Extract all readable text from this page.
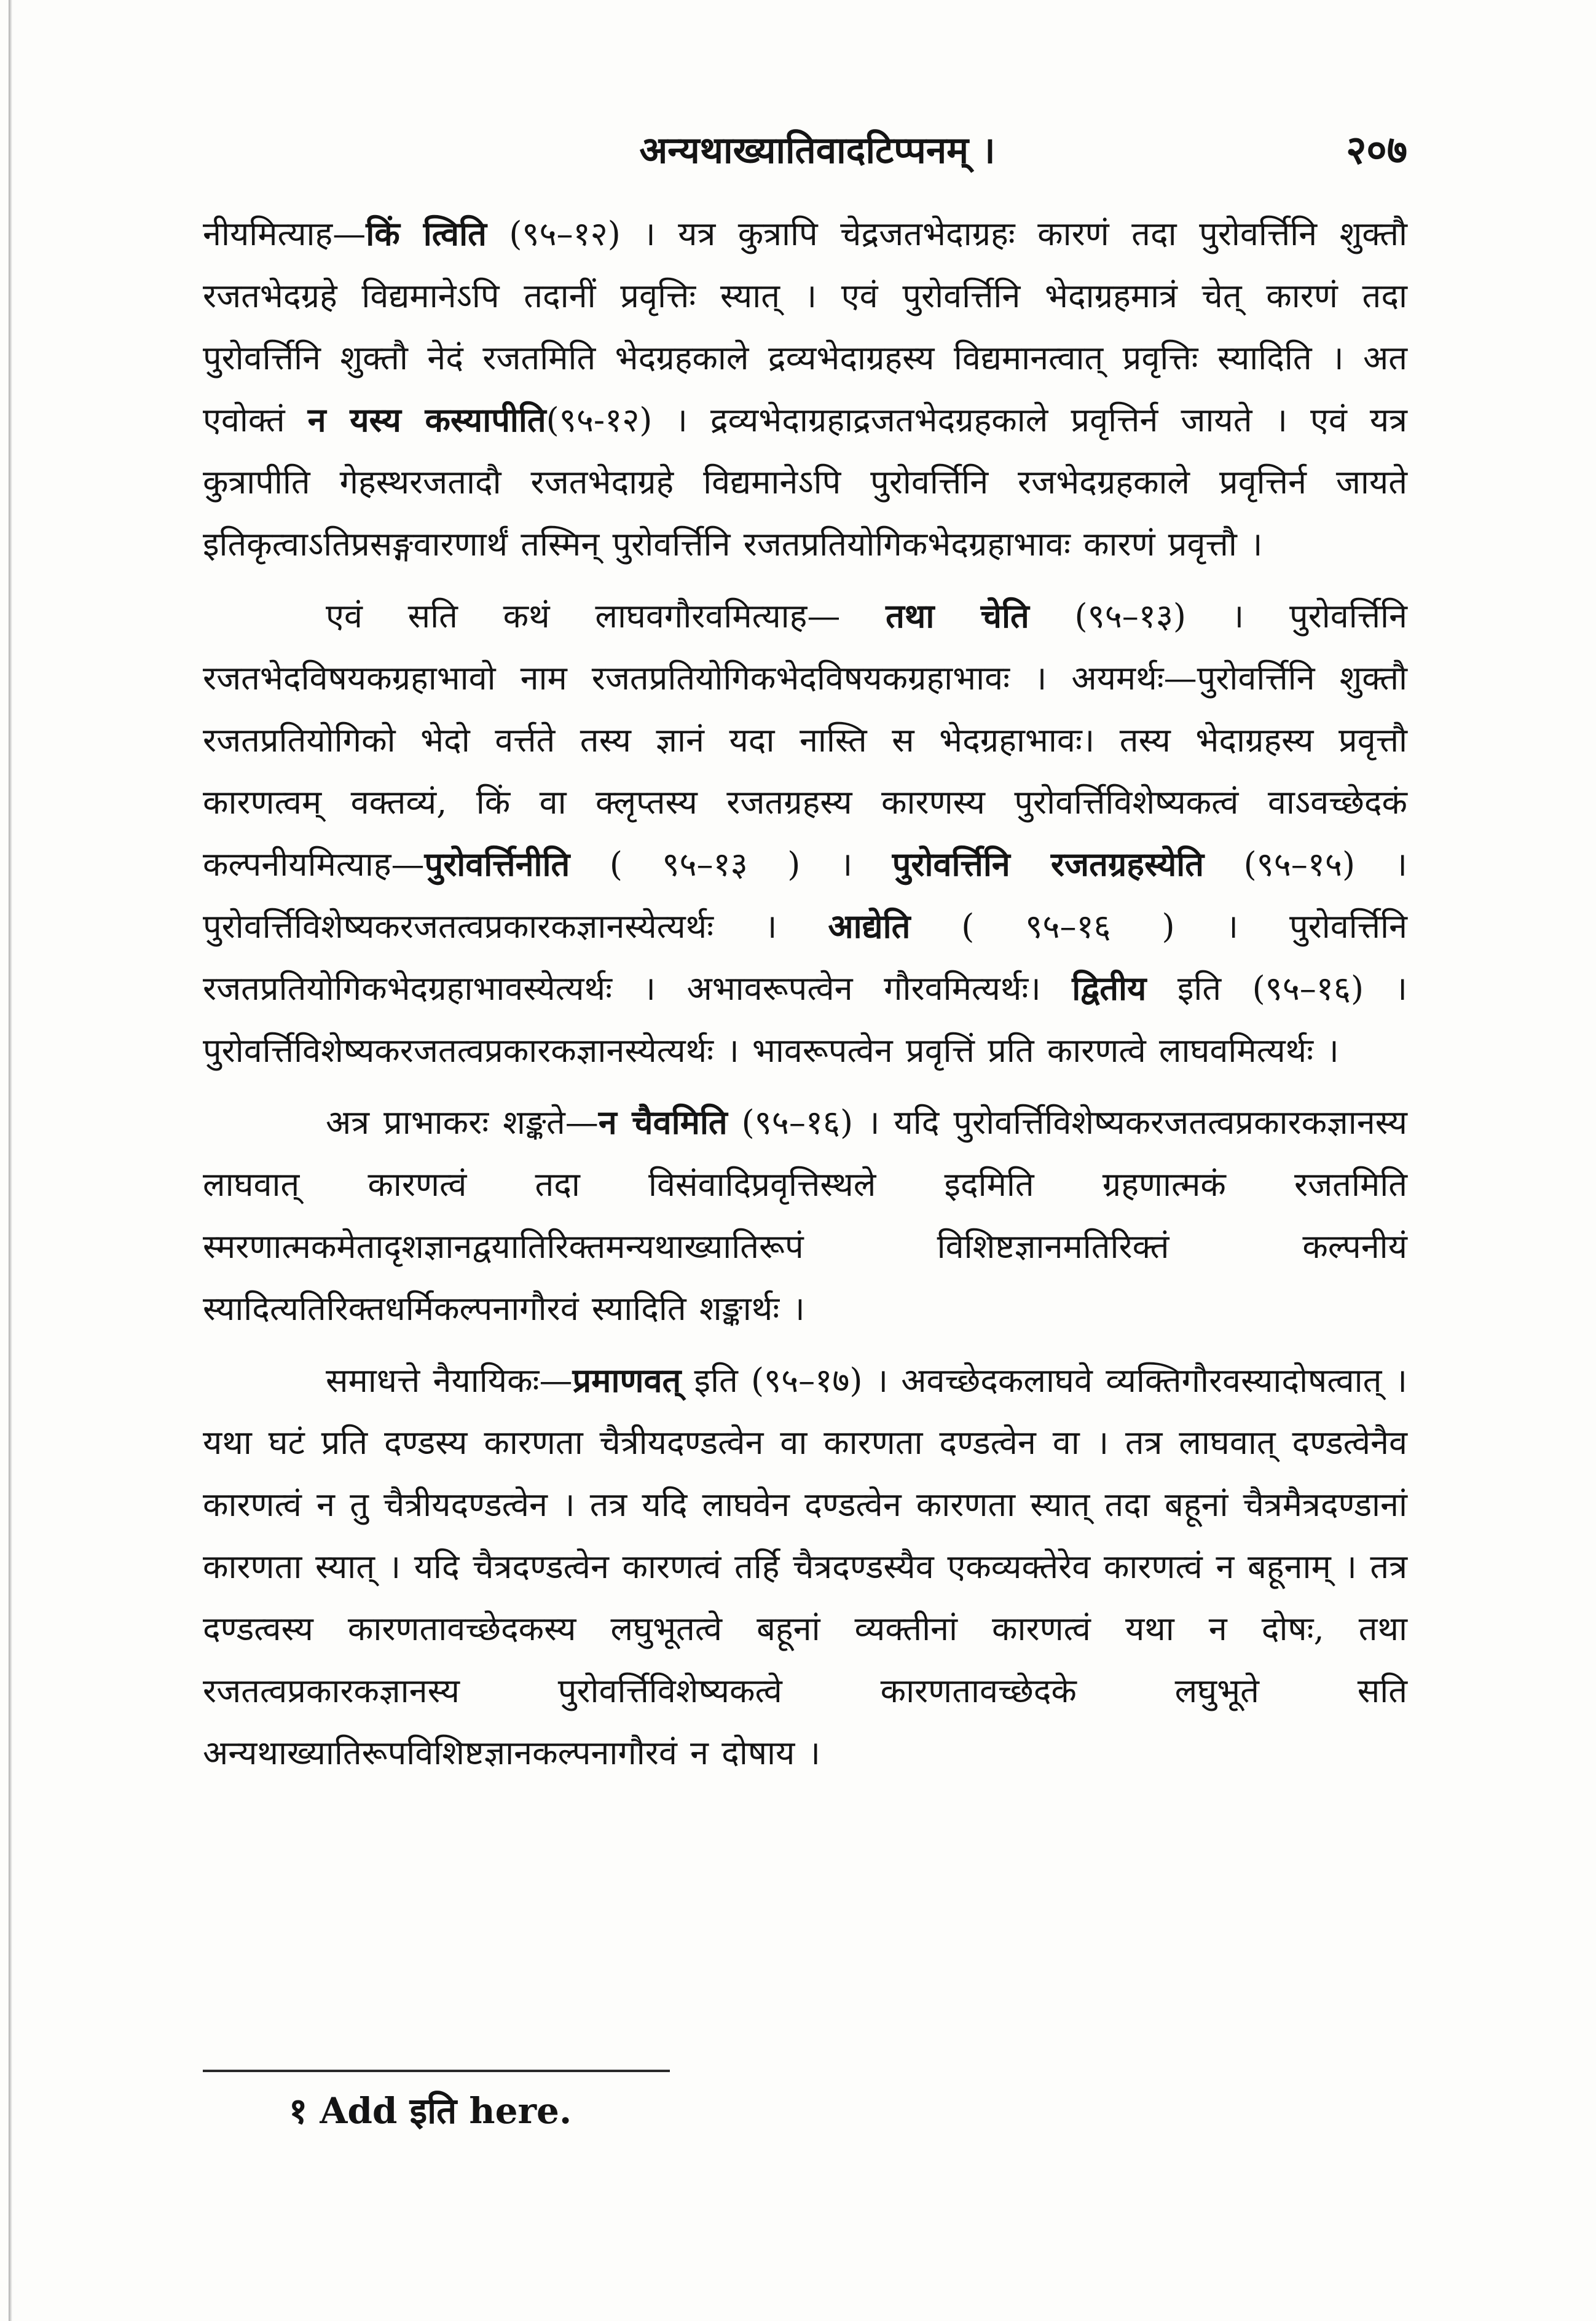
अन्यथाख्यातिवादटिप्पनम् ।	२०७

नीयमित्याह—किं त्विति (९५–१२) । यत्र कुत्रापि चेद्रजतभेदाग्रहः कारणं तदा पुरोवर्त्तिनि शुक्तौ रजतभेदग्रहे विद्यमानेऽपि तदानीं प्रवृत्तिः स्यात् । एवं पुरोवर्त्तिनि भेदाग्रहमात्रं चेत् कारणं तदा पुरोवर्त्तिनि शुक्तौ नेदं रजतमिति भेदग्रहकाले द्रव्यभेदाग्रहस्य विद्यमानत्वात् प्रवृत्तिः स्यादिति । अत एवोक्तं न यस्य कस्यापीति(९५-१२) । द्रव्यभेदाग्रहाद्रजतभेदग्रहकाले प्रवृत्तिर्न जायते । एवं यत्र कुत्रापीति गेहस्थरजतादौ रजतभेदाग्रहे विद्यमानेऽपि पुरोवर्त्तिनि रजभेदग्रहकाले प्रवृत्तिर्न जायते इतिकृत्वाऽतिप्रसङ्गवारणार्थं तस्मिन् पुरोवर्त्तिनि रजतप्रतियोगिकभेदग्रहाभावः कारणं प्रवृत्तौ ।

एवं सति कथं लाघवगौरवमित्याह— तथा चेति (९५–१३) । पुरोवर्त्तिनि रजतभेदविषयकग्रहाभावो नाम रजतप्रतियोगिकभेदविषयकग्रहाभावः । अयमर्थः—पुरोवर्त्तिनि शुक्तौ रजतप्रतियोगिको भेदो वर्त्तते तस्य ज्ञानं यदा नास्ति स भेदग्रहाभावः। तस्य भेदाग्रहस्य प्रवृत्तौ कारणत्वम् वक्तव्यं, किं वा क्लृप्तस्य रजतग्रहस्य कारणस्य पुरोवर्त्तिविशेष्यकत्वं वाऽवच्छेदकं कल्पनीयमित्याह—पुरोवर्त्तिनीति ( ९५–१३ ) । पुरोवर्त्तिनि रजतग्रहस्येति (९५–१५) । पुरोवर्त्तिविशेष्यकरजतत्वप्रकारकज्ञानस्येत्यर्थः । आद्येति ( ९५–१६ ) । पुरोवर्त्तिनि रजतप्रतियोगिकभेदग्रहाभावस्येत्यर्थः । अभावरूपत्वेन गौरवमित्यर्थः। द्वितीय इति (९५–१६) । पुरोवर्त्तिविशेष्यकरजतत्वप्रकारकज्ञानस्येत्यर्थः । भावरूपत्वेन प्रवृत्तिं प्रति कारणत्वे लाघवमित्यर्थः ।

अत्र प्राभाकरः शङ्कते—न चैवमिति (९५–१६) । यदि पुरोवर्त्तिविशेष्यकरजतत्वप्रकारकज्ञानस्य लाघवात् कारणत्वं तदा विसंवादिप्रवृत्तिस्थले इदमिति ग्रहणात्मकं रजतमिति स्मरणात्मकमेतादृशज्ञानद्वयातिरिक्तमन्यथाख्यातिरूपं विशिष्टज्ञानमतिरिक्तं कल्पनीयं स्यादित्यतिरिक्तधर्मिकल्पनागौरवं स्यादिति शङ्कार्थः ।

समाधत्ते नैयायिकः—प्रमाणवत् इति (९५–१७) । अवच्छेदकलाघवे व्यक्तिगौरवस्यादोषत्वात् । यथा घटं प्रति दण्डस्य कारणता चैत्रीयदण्डत्वेन वा कारणता दण्डत्वेन वा । तत्र लाघवात् दण्डत्वेनैव कारणत्वं न तु चैत्रीयदण्डत्वेन । तत्र यदि लाघवेन दण्डत्वेन कारणता स्यात् तदा बहूनां चैत्रमैत्रदण्डानां कारणता स्यात् । यदि चैत्रदण्डत्वेन कारणत्वं तर्हि चैत्रदण्डस्यैव एकव्यक्तेरेव कारणत्वं न बहूनाम् । तत्र दण्डत्वस्य कारणतावच्छेदकस्य लघुभूतत्वे बहूनां व्यक्तीनां कारणत्वं यथा न दोषः, तथा रजतत्वप्रकारकज्ञानस्य पुरोवर्त्तिविशेष्यकत्वे कारणतावच्छेदके लघुभूते सति अन्यथाख्यातिरूपविशिष्टज्ञानकल्पनागौरवं न दोषाय ।

१ Add इति here.
